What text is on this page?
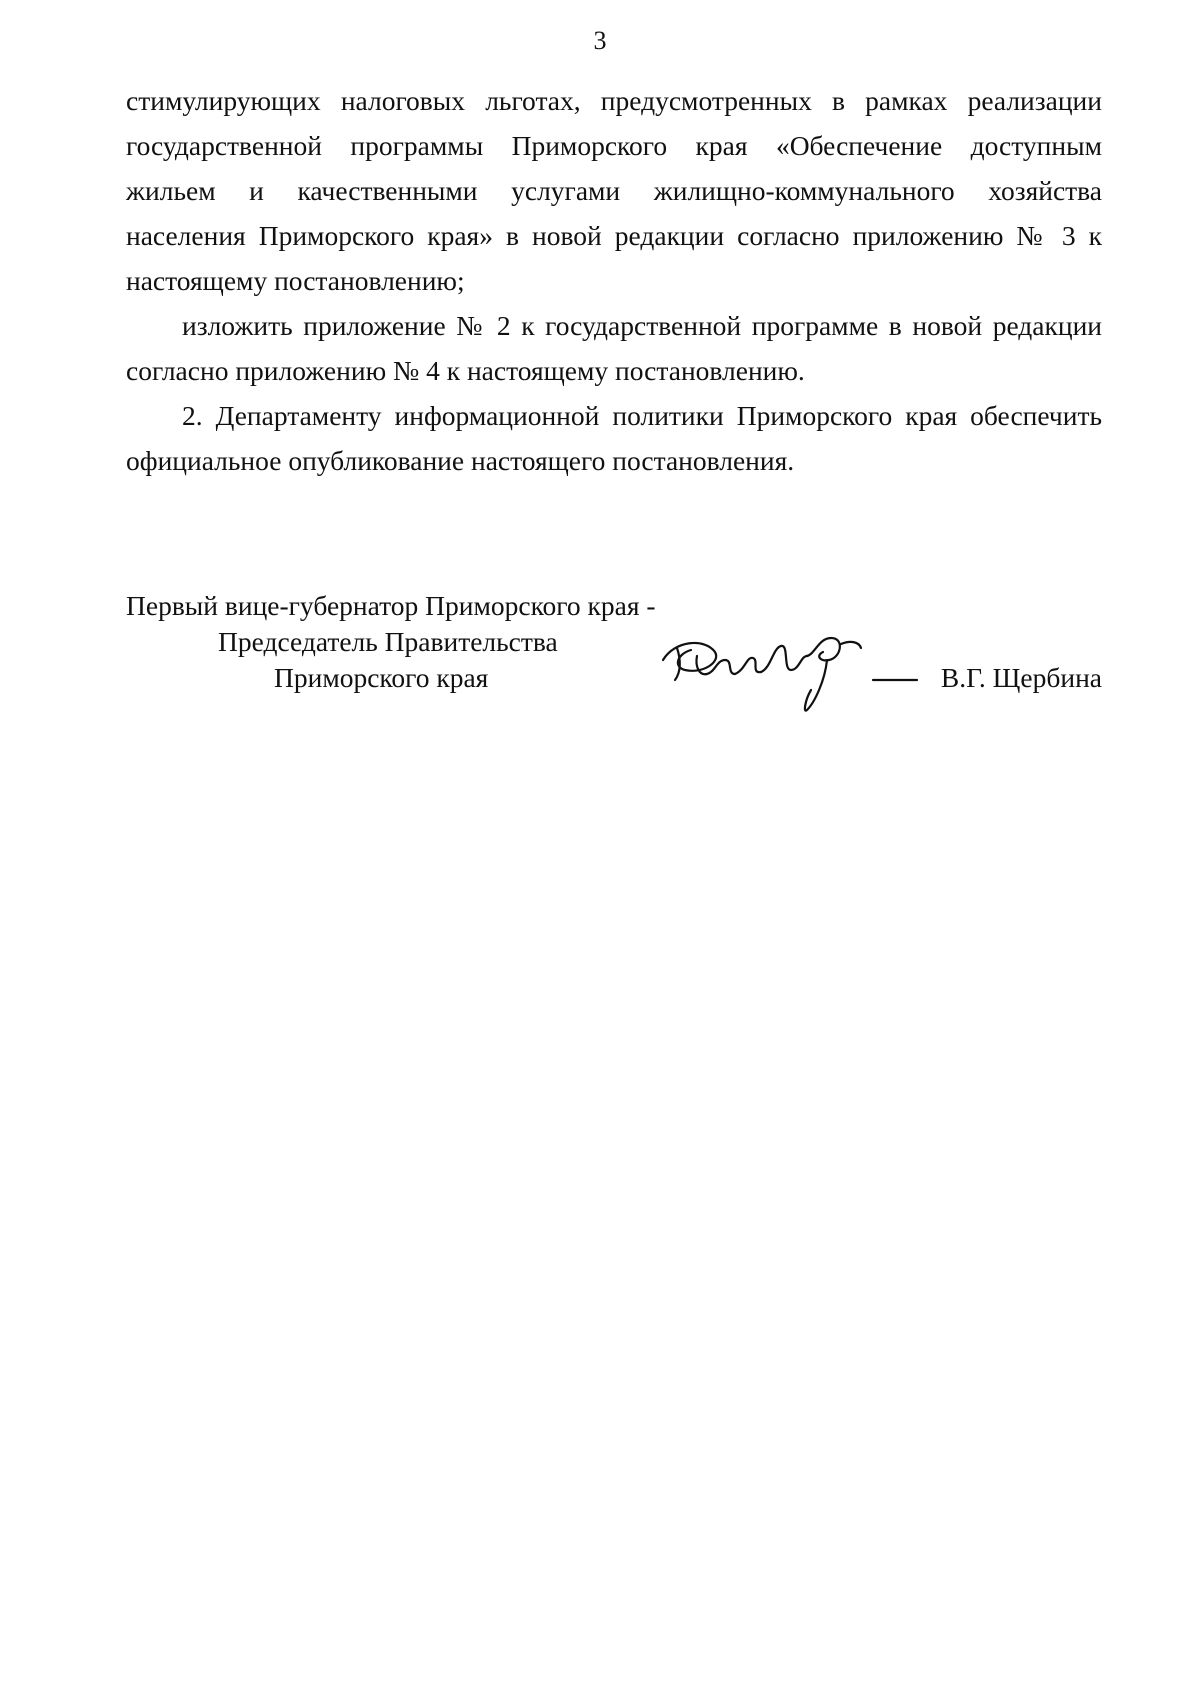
3
стимулирующих налоговых льготах, предусмотренных в рамках реализации
государственной программы Приморского края «Обеспечение доступным
жильем и качественными услугами жилищно-коммунального хозяйства
населения Приморского края» в новой редакции согласно приложению № 3 к
настоящему постановлению;
изложить приложение № 2 к государственной программе в новой редакции
согласно приложению № 4 к настоящему постановлению.
2. Департаменту информационной политики Приморского края обеспечить
официальное опубликование настоящего постановления.
Первый вице-губернатор Приморского края -
Председатель Правительства
Приморского края	В.Г. Щербина
